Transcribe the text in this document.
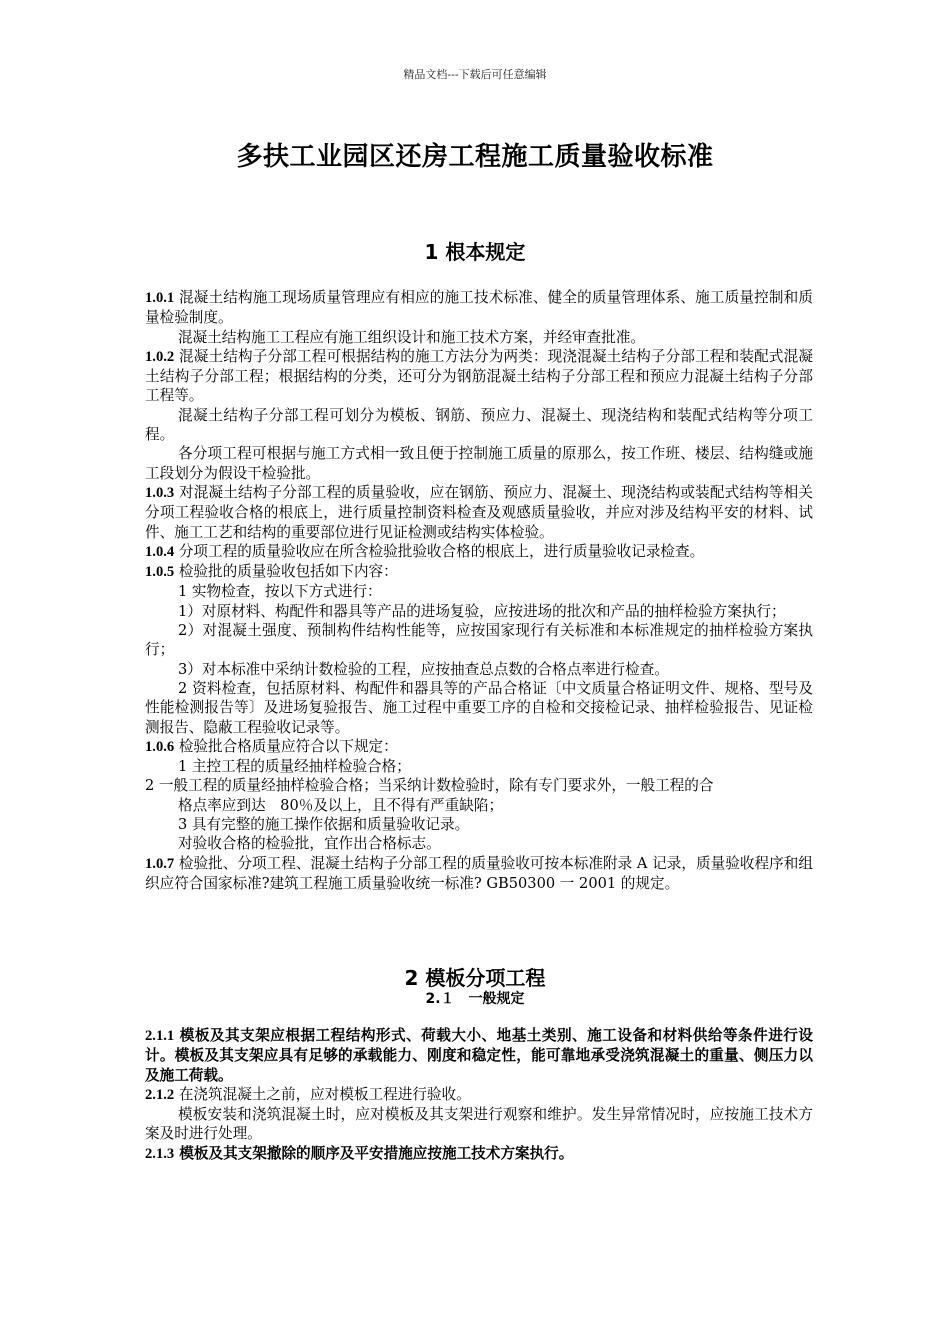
精品文档---下载后可任意编辑
多扶工业园区还房工程施工质量验收标准
1 根本规定

1.0.1 混凝土结构施工现场质量管理应有相应的施工技术标准、健全的质量管理体系、施工质量控制和质量检验制度。

混凝土结构施工工程应有施工组织设计和施工技术方案，并经审查批准。

1.0.2 混凝土结构子分部工程可根据结构的施工方法分为两类：现浇混凝土结构子分部工程和装配式混凝土结构子分部工程；根据结构的分类，还可分为钢筋混凝土结构子分部工程和预应力混凝土结构子分部工程等。

混凝土结构子分部工程可划分为模板、钢筋、预应力、混凝土、现浇结构和装配式结构等分项工程。

各分项工程可根据与施工方式相一致且便于控制施工质量的原那么，按工作班、楼层、结构缝或施工段划分为假设干检验批。

1.0.3 对混凝土结构子分部工程的质量验收，应在钢筋、预应力、混凝土、现浇结构或装配式结构等相关分项工程验收合格的根底上，进行质量控制资料检查及观感质量验收，并应对涉及结构平安的材料、试件、施工工艺和结构的重要部位进行见证检测或结构实体检验。

1.0.4 分项工程的质量验收应在所含检验批验收合格的根底上，进行质量验收记录检查。

1.0.5 检验批的质量验收包括如下内容：

1 实物检查，按以下方式进行：

1）对原材料、构配件和器具等产品的进场复验，应按进场的批次和产品的抽样检验方案执行；

2）对混凝土强度、预制构件结构性能等，应按国家现行有关标准和本标准规定的抽样检验方案执行；

3）对本标准中采纳计数检验的工程，应按抽查总点数的合格点率进行检查。

2 资料检查，包括原材料、构配件和器具等的产品合格证〔中文质量合格证明文件、规格、型号及性能检测报告等〕及进场复验报告、施工过程中重要工序的自检和交接检记录、抽样检验报告、见证检测报告、隐蔽工程验收记录等。

1.0.6 检验批合格质量应符合以下规定：

1 主控工程的质量经抽样检验合格；

2 一般工程的质量经抽样检验合格；当采纳计数检验时，除有专门要求外，一般工程的合

格点率应到达　80％及以上，且不得有严重缺陷；

3 具有完整的施工操作依据和质量验收记录。

对验收合格的检验批，宜作出合格标志。

1.0.7 检验批、分项工程、混凝土结构子分部工程的质量验收可按本标准附录 A 记录，质量验收程序和组织应符合国家标准?建筑工程施工质量验收统一标准? GB50300 一 2001 的规定。

2 模板分项工程
2.１　一般规定

2.1.1 模板及其支架应根据工程结构形式、荷载大小、地基土类别、施工设备和材料供给等条件进行设计。模板及其支架应具有足够的承载能力、刚度和稳定性，能可靠地承受浇筑混凝土的重量、侧压力以及施工荷载。

2.1.2 在浇筑混凝土之前，应对模板工程进行验收。

模板安装和浇筑混凝土时，应对模板及其支架进行观察和维护。发生异常情况时，应按施工技术方案及时进行处理。

2.1.3 模板及其支架撤除的顺序及平安措施应按施工技术方案执行。
